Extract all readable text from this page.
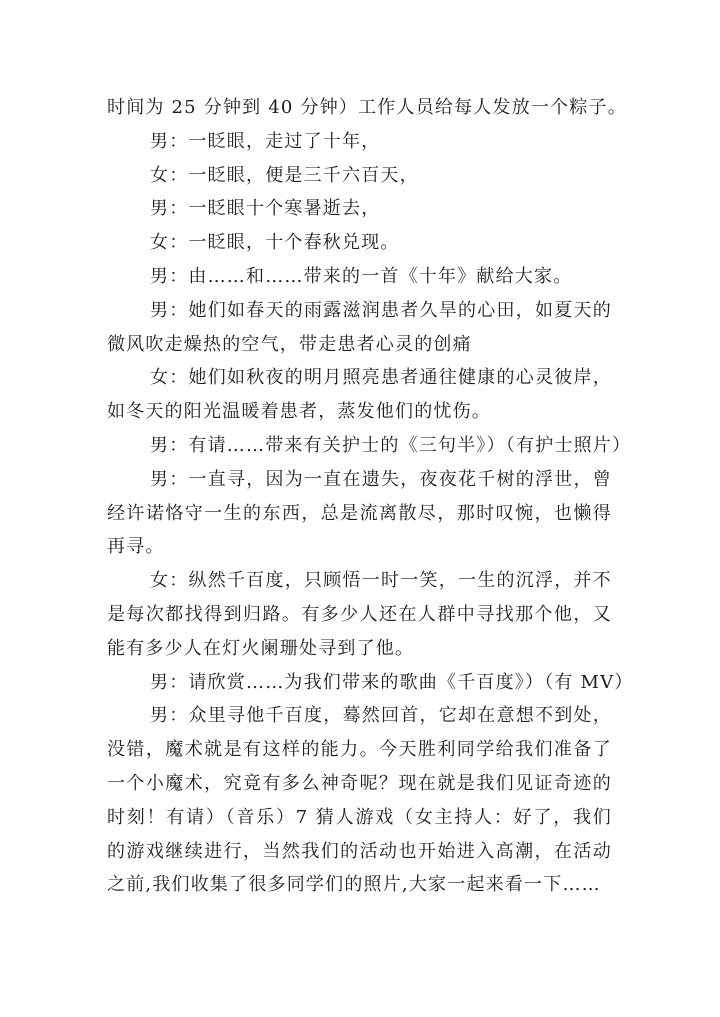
时间为 25 分钟到 40 分钟）工作人员给每人发放一个粽子。
男：一眨眼，走过了十年，
女：一眨眼，便是三千六百天，
男：一眨眼十个寒暑逝去，
女：一眨眼，十个春秋兑现。
男：由……和……带来的一首《十年》献给大家。
男：她们如春天的雨露滋润患者久旱的心田，如夏天的
微风吹走燥热的空气，带走患者心灵的创痛
女：她们如秋夜的明月照亮患者通往健康的心灵彼岸，
如冬天的阳光温暖着患者，蒸发他们的忧伤。
男：有请……带来有关护士的《三句半》）（有护士照片）
男：一直寻，因为一直在遗失，夜夜花千树的浮世，曾
经许诺恪守一生的东西，总是流离散尽，那时叹惋，也懒得
再寻。
女：纵然千百度，只顾悟一时一笑，一生的沉浮，并不
是每次都找得到归路。有多少人还在人群中寻找那个他，又
能有多少人在灯火阑珊处寻到了他。
男：请欣赏……为我们带来的歌曲《千百度》）（有 MV）
男：众里寻他千百度，蓦然回首，它却在意想不到处，
没错，魔术就是有这样的能力。今天胜利同学给我们准备了
一个小魔术，究竟有多么神奇呢？现在就是我们见证奇迹的
时刻！有请）（音乐）7 猜人游戏（女主持人：好了，我们
的游戏继续进行，当然我们的活动也开始进入高潮，在活动
之前,我们收集了很多同学们的照片,大家一起来看一下……
